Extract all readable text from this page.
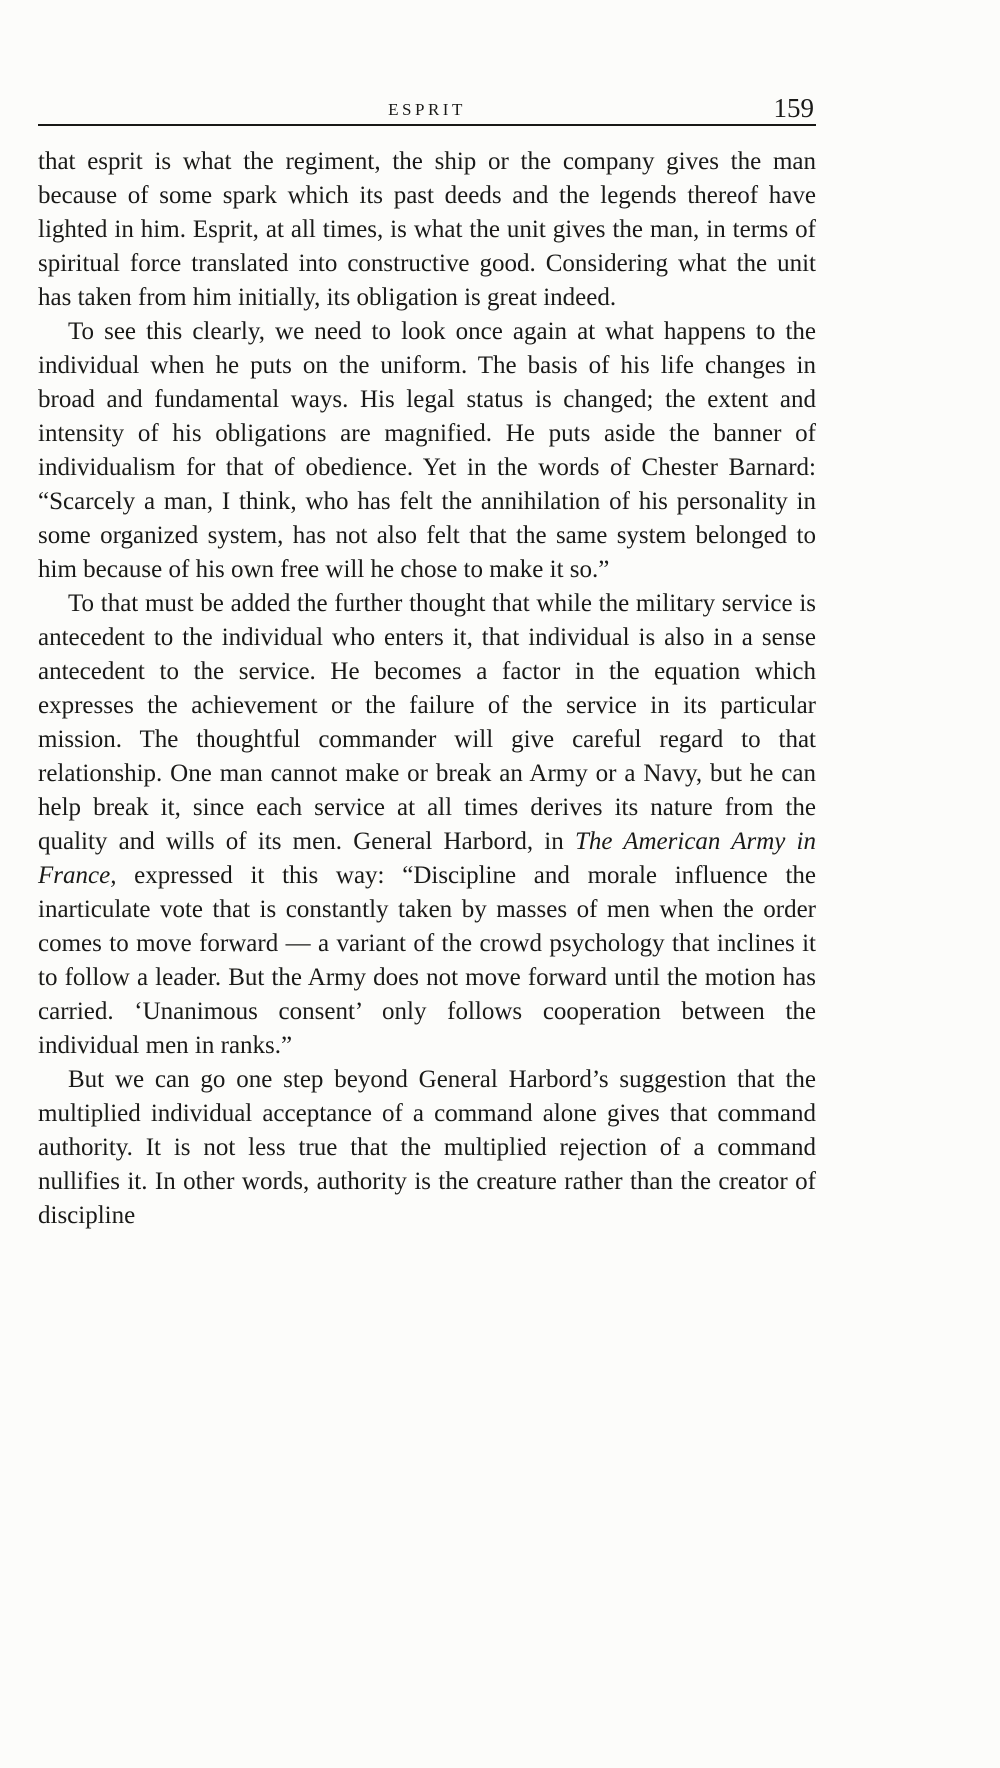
ESPRIT	159

that esprit is what the regiment, the ship or the company gives the man because of some spark which its past deeds and the legends thereof have lighted in him. Esprit, at all times, is what the unit gives the man, in terms of spiritual force translated into constructive good. Considering what the unit has taken from him initially, its obligation is great indeed.

To see this clearly, we need to look once again at what happens to the individual when he puts on the uniform. The basis of his life changes in broad and fundamental ways. His legal status is changed; the extent and intensity of his obligations are magnified. He puts aside the banner of individualism for that of obedience. Yet in the words of Chester Barnard: “Scarcely a man, I think, who has felt the annihilation of his personality in some organized system, has not also felt that the same system belonged to him because of his own free will he chose to make it so.”

To that must be added the further thought that while the military service is antecedent to the individual who enters it, that individual is also in a sense antecedent to the service. He becomes a factor in the equation which expresses the achievement or the failure of the service in its particular mission. The thoughtful commander will give careful regard to that relationship. One man cannot make or break an Army or a Navy, but he can help break it, since each service at all times derives its nature from the quality and wills of its men. General Harbord, in The American Army in France, expressed it this way: “Discipline and morale influence the inarticulate vote that is constantly taken by masses of men when the order comes to move forward — a variant of the crowd psychology that inclines it to follow a leader. But the Army does not move forward until the motion has carried. ‘Unanimous consent’ only follows cooperation between the individual men in ranks.”

But we can go one step beyond General Harbord’s suggestion that the multiplied individual acceptance of a command alone gives that command authority. It is not less true that the multiplied rejection of a command nullifies it. In other words, authority is the creature rather than the creator of discipline
